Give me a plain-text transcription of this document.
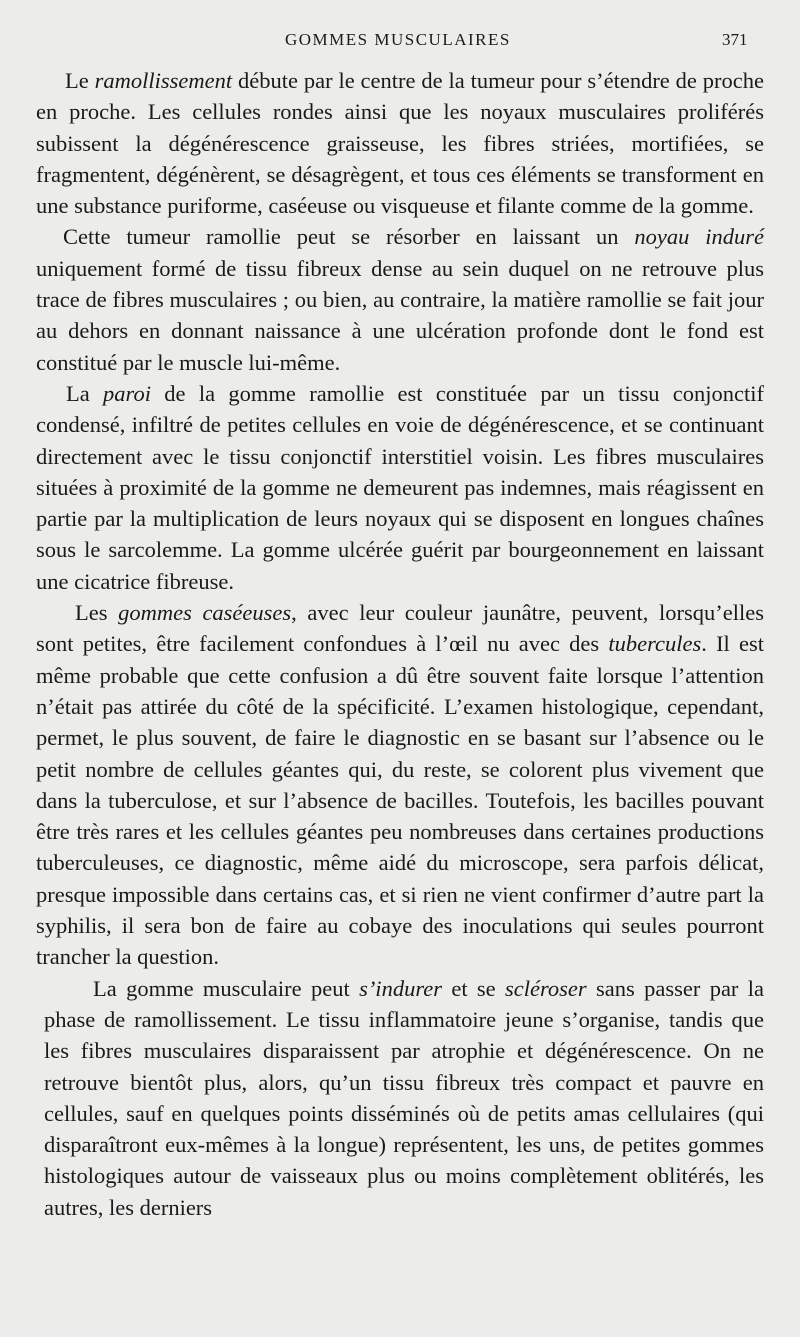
GOMMES MUSCULAIRES	371

Le ramollissement débute par le centre de la tumeur pour s’étendre de proche en proche. Les cellules rondes ainsi que les noyaux musculaires proliférés subissent la dégénérescence graisseuse, les fibres striées, mortifiées, se fragmentent, dégénèrent, se désagrègent, et tous ces éléments se transforment en une substance puriforme, caséeuse ou visqueuse et filante comme de la gomme.

Cette tumeur ramollie peut se résorber en laissant un noyau induré uniquement formé de tissu fibreux dense au sein duquel on ne retrouve plus trace de fibres musculaires ; ou bien, au contraire, la matière ramollie se fait jour au dehors en donnant naissance à une ulcération profonde dont le fond est constitué par le muscle lui-même.

La paroi de la gomme ramollie est constituée par un tissu conjonctif condensé, infiltré de petites cellules en voie de dégénérescence, et se continuant directement avec le tissu conjonctif interstitiel voisin. Les fibres musculaires situées à proximité de la gomme ne demeurent pas indemnes, mais réagissent en partie par la multiplication de leurs noyaux qui se disposent en longues chaînes sous le sarcolemme. La gomme ulcérée guérit par bourgeonnement en laissant une cicatrice fibreuse.

Les gommes caséeuses, avec leur couleur jaunâtre, peuvent, lorsqu’elles sont petites, être facilement confondues à l’œil nu avec des tubercules. Il est même probable que cette confusion a dû être souvent faite lorsque l’attention n’était pas attirée du côté de la spécificité. L’examen histologique, cependant, permet, le plus souvent, de faire le diagnostic en se basant sur l’absence ou le petit nombre de cellules géantes qui, du reste, se colorent plus vivement que dans la tuberculose, et sur l’absence de bacilles. Toutefois, les bacilles pouvant être très rares et les cellules géantes peu nombreuses dans certaines productions tuberculeuses, ce diagnostic, même aidé du microscope, sera parfois délicat, presque impossible dans certains cas, et si rien ne vient confirmer d’autre part la syphilis, il sera bon de faire au cobaye des inoculations qui seules pourront trancher la question.

La gomme musculaire peut s’indurer et se scléroser sans passer par la phase de ramollissement. Le tissu inflammatoire jeune s’organise, tandis que les fibres musculaires disparaissent par atrophie et dégénérescence. On ne retrouve bientôt plus, alors, qu’un tissu fibreux très compact et pauvre en cellules, sauf en quelques points disséminés où de petits amas cellulaires (qui disparaîtront eux-mêmes à la longue) représentent, les uns, de petites gommes histologiques autour de vaisseaux plus ou moins complètement oblitérés, les autres, les derniers
